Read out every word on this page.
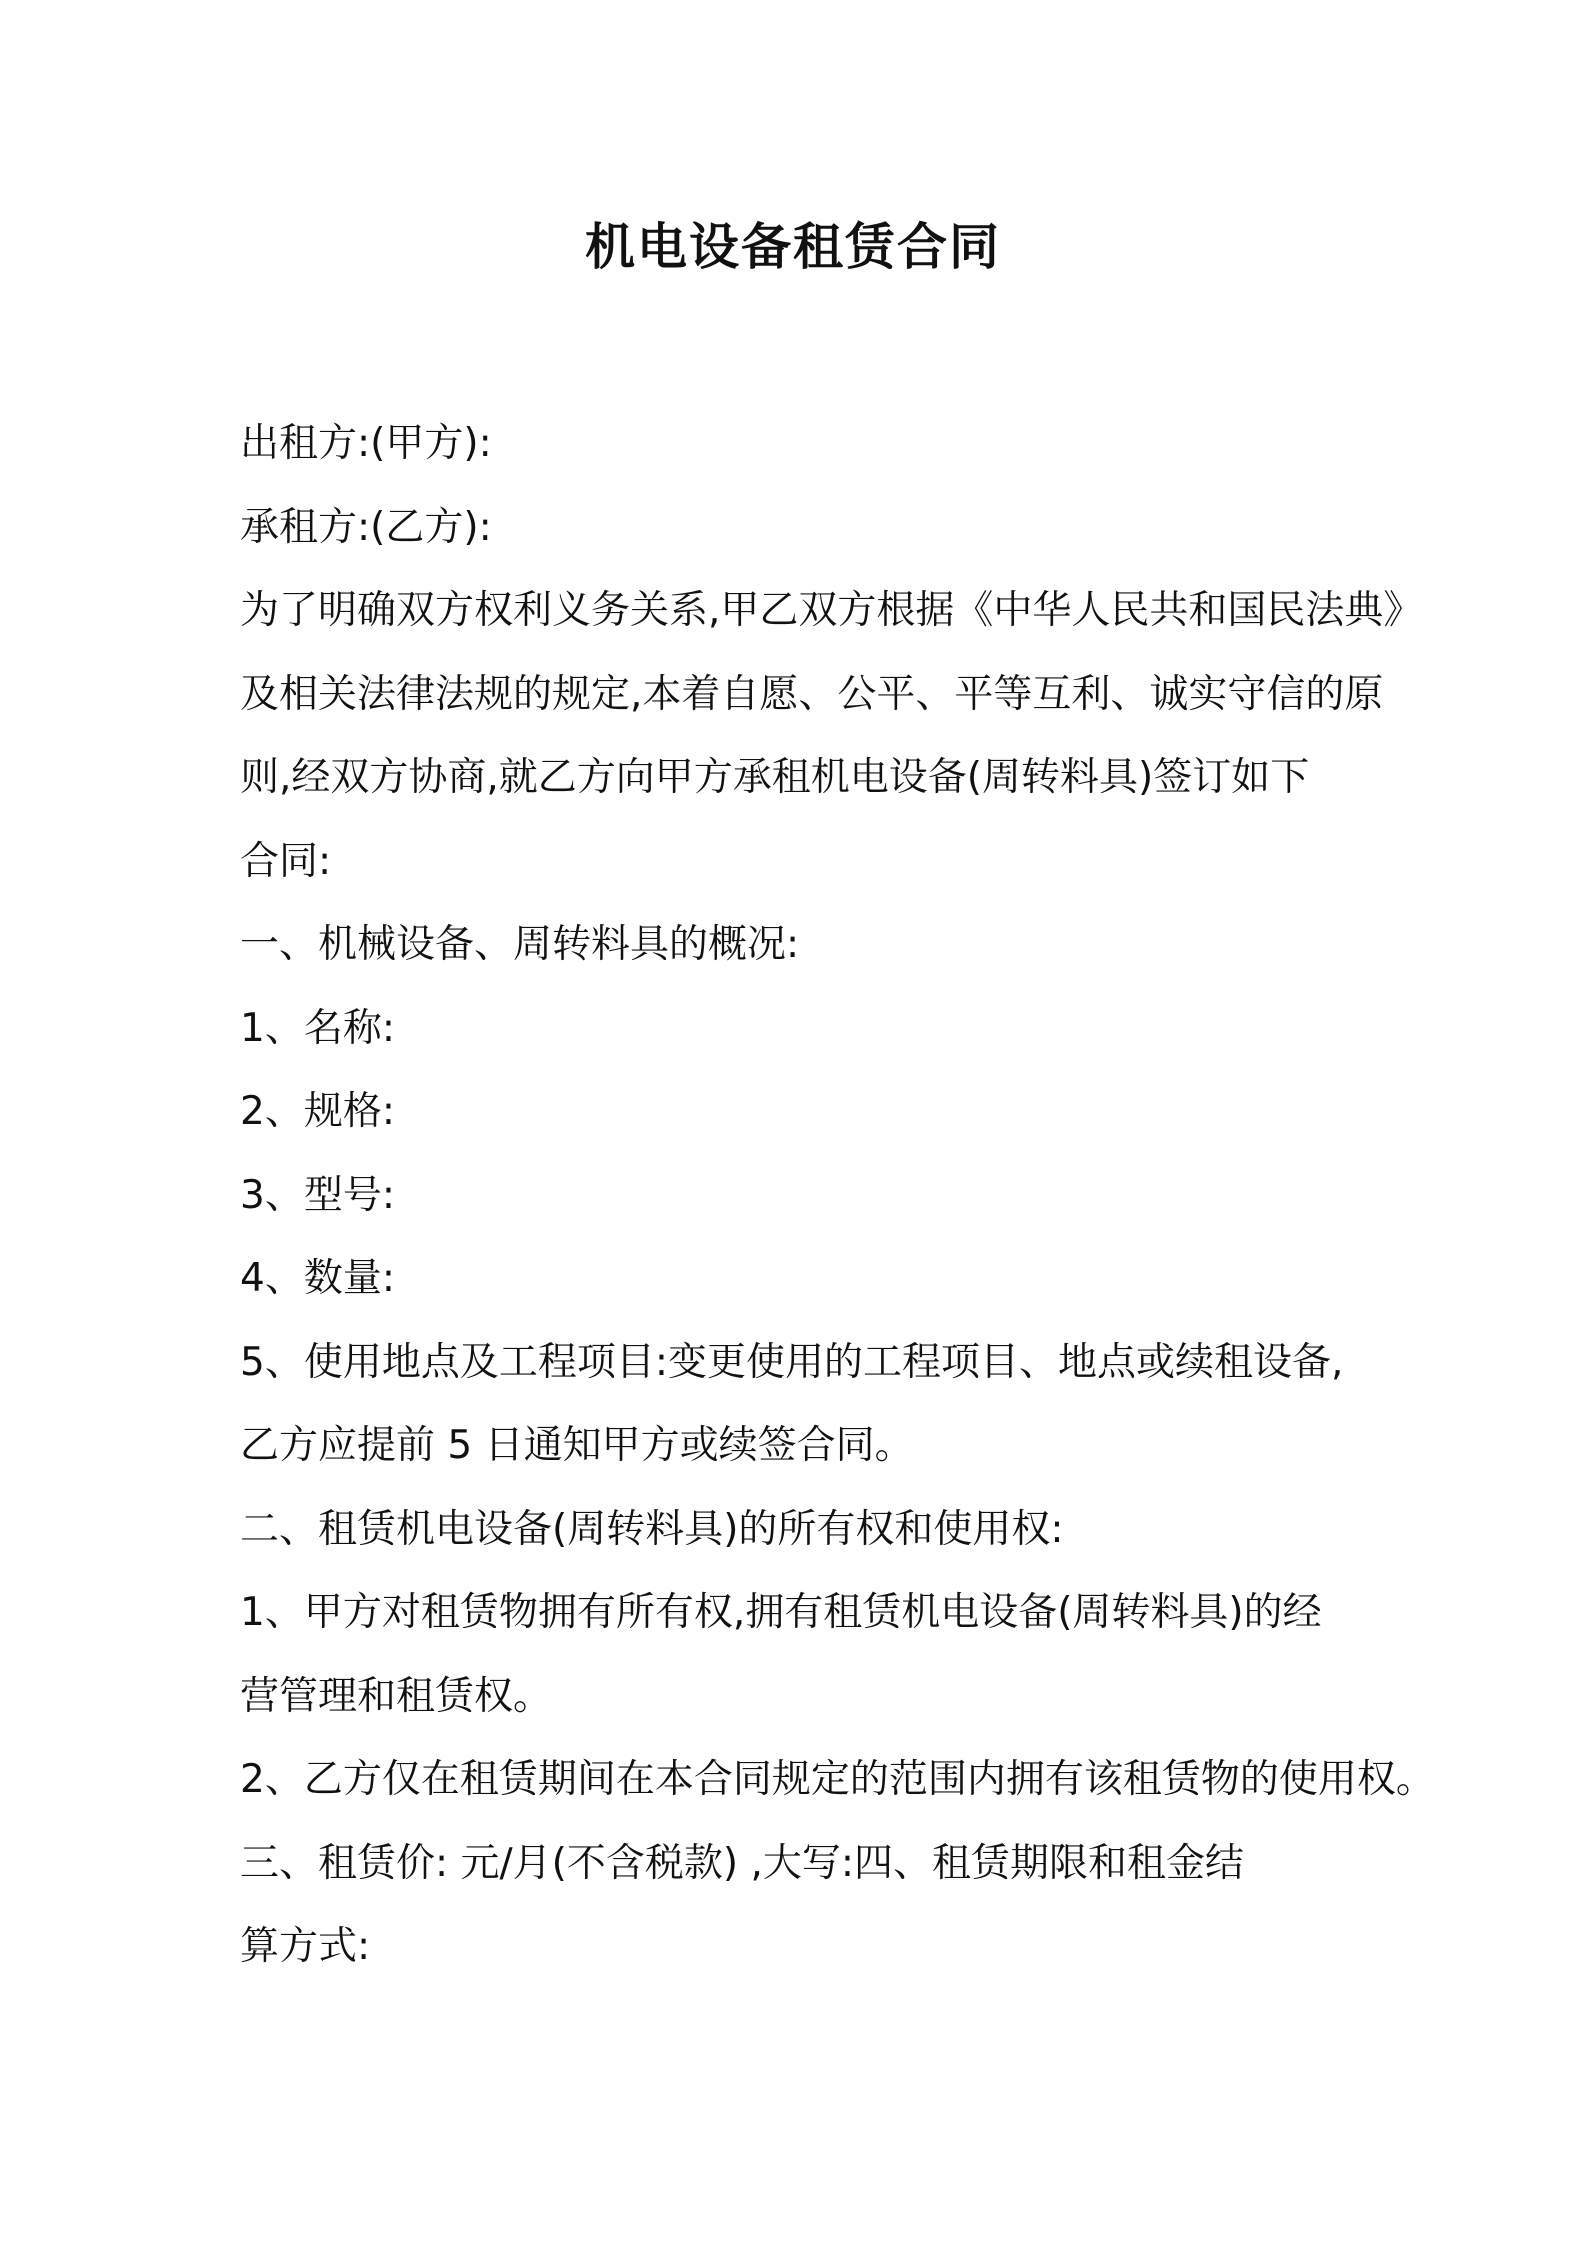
机电设备租赁合同
出租方:(甲方):
承租方:(乙方):
为了明确双方权利义务关系,甲乙双方根据《中华人民共和国民法典》
及相关法律法规的规定,本着自愿、公平、平等互利、诚实守信的原
则,经双方协商,就乙方向甲方承租机电设备(周转料具)签订如下
合同:
一、机械设备、周转料具的概况:
1、名称:
2、规格:
3、型号:
4、数量:
5、使用地点及工程项目:变更使用的工程项目、地点或续租设备,
乙方应提前 5 日通知甲方或续签合同。
二、租赁机电设备(周转料具)的所有权和使用权:
1、甲方对租赁物拥有所有权,拥有租赁机电设备(周转料具)的经
营管理和租赁权。
2、乙方仅在租赁期间在本合同规定的范围内拥有该租赁物的使用权。
三、租赁价: 元/月(不含税款) ,大写:四、租赁期限和租金结
算方式:
